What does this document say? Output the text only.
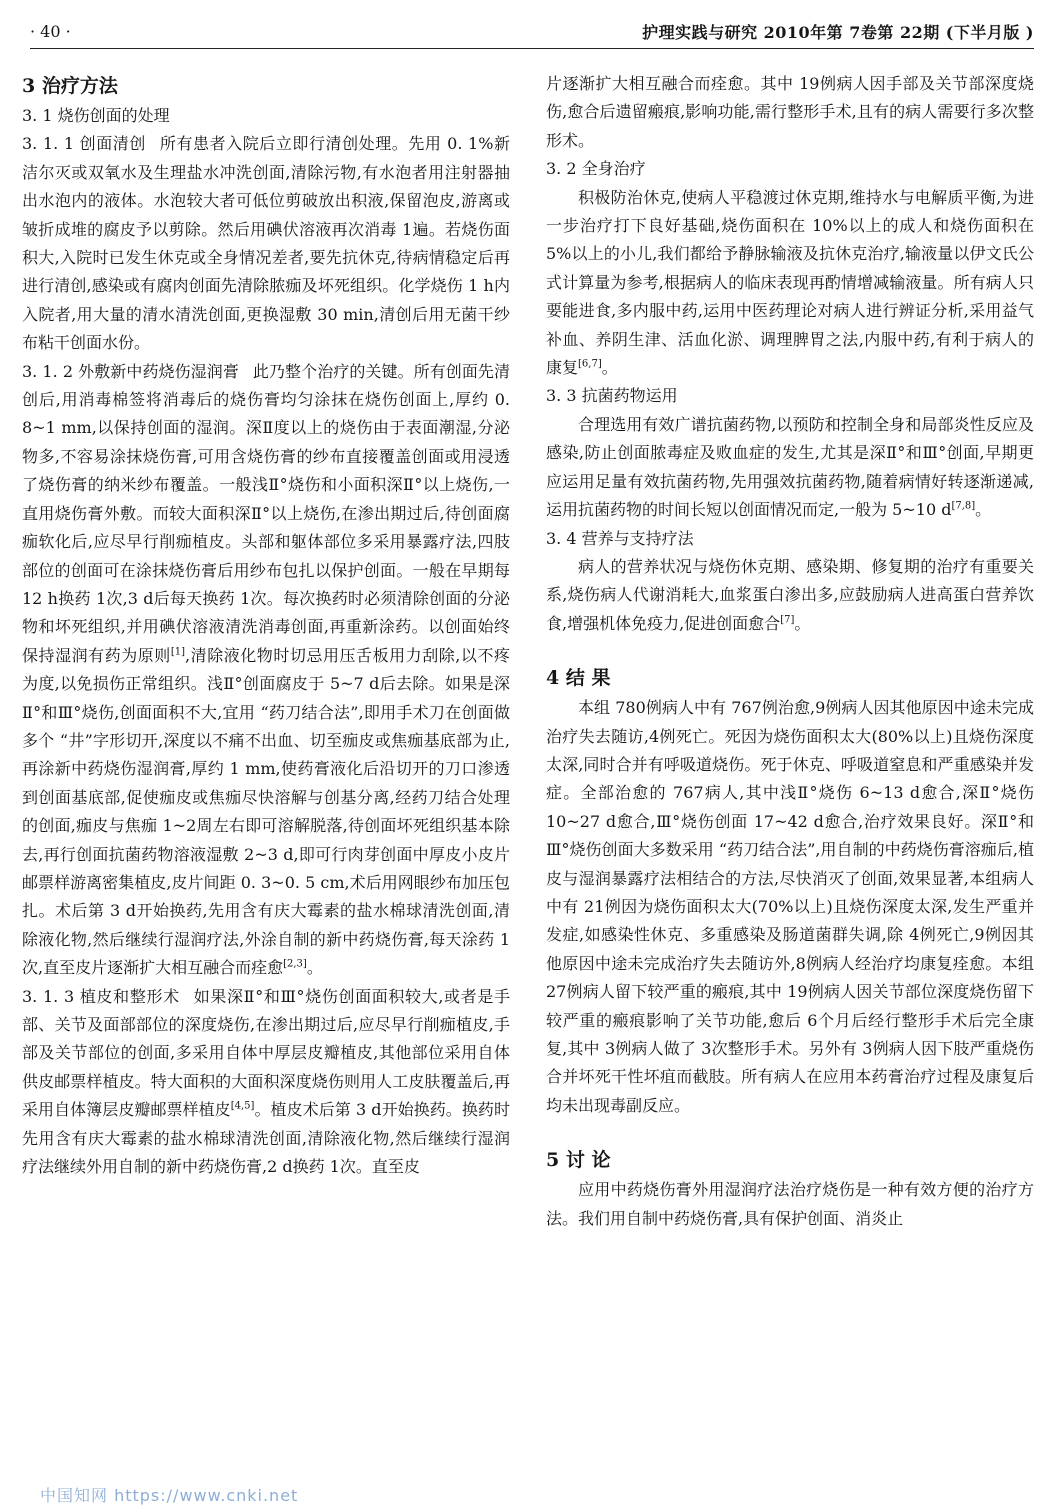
· 40 ·	护理实践与研究 2010年第 7卷第 22期 (下半月版 )
3 治疗方法
3. 1 烧伤创面的处理

3. 1. 1 创面清创 所有患者入院后立即行清创处理。先用 0. 1%新洁尔灭或双氧水及生理盐水冲洗创面,清除污物,有水泡者用注射器抽出水泡内的液体。水泡较大者可低位剪破放出积液,保留泡皮,游离或皱折成堆的腐皮予以剪除。然后用碘伏溶液再次消毒 1遍。若烧伤面积大,入院时已发生休克或全身情况差者,要先抗休克,待病情稳定后再进行清创,感染或有腐肉创面先清除脓痂及坏死组织。化学烧伤 1 h内入院者,用大量的清水清洗创面,更换湿敷 30 min,清创后用无菌干纱布粘干创面水份。

3. 1. 2 外敷新中药烧伤湿润膏 此乃整个治疗的关键。所有创面先清创后,用消毒棉签将消毒后的烧伤膏均匀涂抹在烧伤创面上,厚约 0. 8~1 mm,以保持创面的湿润。深Ⅱ度以上的烧伤由于表面潮湿,分泌物多,不容易涂抹烧伤膏,可用含烧伤膏的纱布直接覆盖创面或用浸透了烧伤膏的纳米纱布覆盖。一般浅Ⅱ°烧伤和小面积深Ⅱ°以上烧伤,一直用烧伤膏外敷。而较大面积深Ⅱ°以上烧伤,在渗出期过后,待创面腐痂软化后,应尽早行削痂植皮。头部和躯体部位多采用暴露疗法,四肢部位的创面可在涂抹烧伤膏后用纱布包扎以保护创面。一般在早期每 12 h换药 1次,3 d后每天换药 1次。每次换药时必须清除创面的分泌物和坏死组织,并用碘伏溶液清洗消毒创面,再重新涂药。以创面始终保持湿润有药为原则[1],清除液化物时切忌用压舌板用力刮除,以不疼为度,以免损伤正常组织。浅Ⅱ°创面腐皮于 5~7 d后去除。如果是深Ⅱ°和Ⅲ°烧伤,创面面积不大,宜用 “药刀结合法”,即用手术刀在创面做多个 “井”字形切开,深度以不痛不出血、切至痂皮或焦痂基底部为止,再涂新中药烧伤湿润膏,厚约 1 mm,使药膏液化后沿切开的刀口渗透到创面基底部,促使痂皮或焦痂尽快溶解与创基分离,经药刀结合处理的创面,痂皮与焦痂 1~2周左右即可溶解脱落,待创面坏死组织基本除去,再行创面抗菌药物溶液湿敷 2~3 d,即可行肉芽创面中厚皮小皮片邮票样游离密集植皮,皮片间距 0. 3~0. 5 cm,术后用网眼纱布加压包扎。术后第 3 d开始换药,先用含有庆大霉素的盐水棉球清洗创面,清除液化物,然后继续行湿润疗法,外涂自制的新中药烧伤膏,每天涂药 1次,直至皮片逐渐扩大相互融合而痊愈[2,3]。

3. 1. 3 植皮和整形术 如果深Ⅱ°和Ⅲ°烧伤创面面积较大,或者是手部、关节及面部部位的深度烧伤,在渗出期过后,应尽早行削痂植皮,手部及关节部位的创面,多采用自体中厚层皮瓣植皮,其他部位采用自体供皮邮票样植皮。特大面积的大面积深度烧伤则用人工皮肤覆盖后,再采用自体簿层皮瓣邮票样植皮[4,5]。植皮术后第 3 d开始换药。换药时先用含有庆大霉素的盐水棉球清洗创面,清除液化物,然后继续行湿润疗法继续外用自制的新中药烧伤膏,2 d换药 1次。直至皮

片逐渐扩大相互融合而痊愈。其中 19例病人因手部及关节部深度烧伤,愈合后遗留瘢痕,影响功能,需行整形手术,且有的病人需要行多次整形术。

3. 2 全身治疗

积极防治休克,使病人平稳渡过休克期,维持水与电解质平衡,为进一步治疗打下良好基础,烧伤面积在 10%以上的成人和烧伤面积在 5%以上的小儿,我们都给予静脉输液及抗休克治疗,输液量以伊文氏公式计算量为参考,根据病人的临床表现再酌情增减输液量。所有病人只要能进食,多内服中药,运用中医药理论对病人进行辨证分析,采用益气补血、养阴生津、活血化淤、调理脾胃之法,内服中药,有利于病人的康复[6,7]。

3. 3 抗菌药物运用

合理选用有效广谱抗菌药物,以预防和控制全身和局部炎性反应及感染,防止创面脓毒症及败血症的发生,尤其是深Ⅱ°和Ⅲ°创面,早期更应运用足量有效抗菌药物,先用强效抗菌药物,随着病情好转逐渐递减,运用抗菌药物的时间长短以创面情况而定,一般为 5~10 d[7,8]。

3. 4 营养与支持疗法

病人的营养状况与烧伤休克期、感染期、修复期的治疗有重要关系,烧伤病人代谢消耗大,血浆蛋白渗出多,应鼓励病人进高蛋白营养饮食,增强机体免疫力,促进创面愈合[7]。

4 结 果

本组 780例病人中有 767例治愈,9例病人因其他原因中途未完成治疗失去随访,4例死亡。死因为烧伤面积太大(80%以上)且烧伤深度太深,同时合并有呼吸道烧伤。死于休克、呼吸道窒息和严重感染并发症。全部治愈的 767病人,其中浅Ⅱ°烧伤 6~13 d愈合,深Ⅱ°烧伤 10~27 d愈合,Ⅲ°烧伤创面 17~42 d愈合,治疗效果良好。深Ⅱ°和Ⅲ°烧伤创面大多数采用 “药刀结合法”,用自制的中药烧伤膏溶痂后,植皮与湿润暴露疗法相结合的方法,尽快消灭了创面,效果显著,本组病人中有 21例因为烧伤面积太大(70%以上)且烧伤深度太深,发生严重并发症,如感染性休克、多重感染及肠道菌群失调,除 4例死亡,9例因其他原因中途未完成治疗失去随访外,8例病人经治疗均康复痊愈。本组 27例病人留下较严重的瘢痕,其中 19例病人因关节部位深度烧伤留下较严重的瘢痕影响了关节功能,愈后 6个月后经行整形手术后完全康复,其中 3例病人做了 3次整形手术。另外有 3例病人因下肢严重烧伤合并坏死干性坏疽而截肢。所有病人在应用本药膏治疗过程及康复后均未出现毒副反应。

5 讨 论

应用中药烧伤膏外用湿润疗法治疗烧伤是一种有效方便的治疗方法。我们用自制中药烧伤膏,具有保护创面、消炎止

中国知网 https://www.cnki.net
